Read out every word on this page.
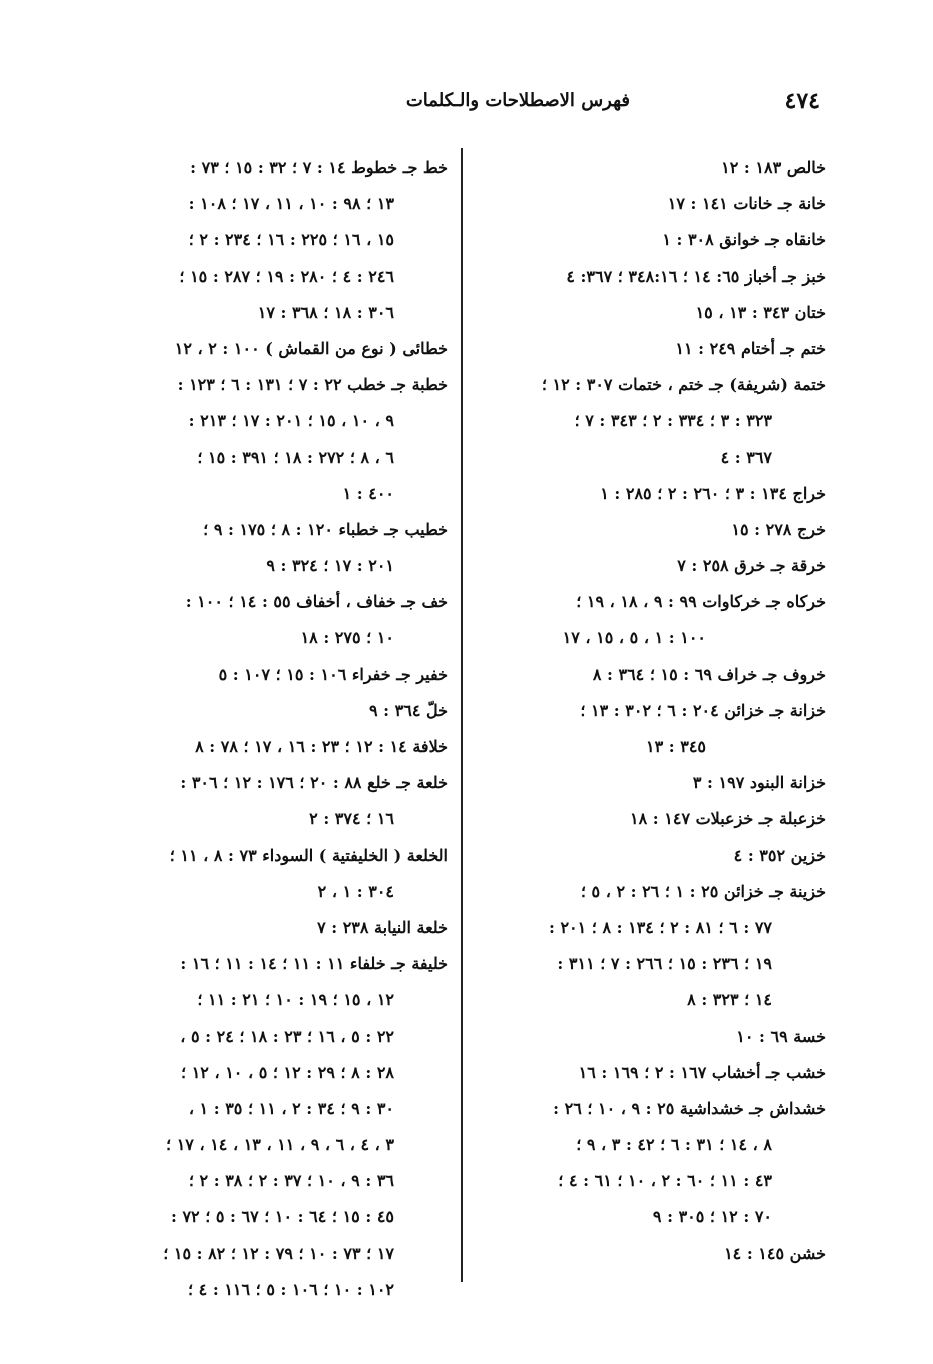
٤٧٤
فهرس الاصطلاحات والـكلمات
خالص ١٨٣ : ١٢
خانة جـ خانات ١٤١ : ١٧
خانقاه جـ خوانق ٣٠٨ : ١
خبز جـ أخباز ٦٥: ١٤ ؛ ٣٤٨:١٦ ؛ ٣٦٧: ٤
ختان ٣٤٣ : ١٣ ، ١٥
ختم جـ أختام ٢٤٩ : ١١
ختمة (شريفة) جـ ختم ، ختمات ٣٠٧ : ١٢ ؛
٣٢٣ : ٣ ؛ ٣٣٤ : ٢ ؛ ٣٤٣ : ٧ ؛
٣٦٧ : ٤
خراج ١٣٤ : ٣ ؛ ٢٦٠ : ٢ ؛ ٢٨٥ : ١
خرج ٢٧٨ : ١٥
خرقة جـ خرق ٢٥٨ : ٧
خركاه جـ خركاوات ٩٩ : ٩ ، ١٨ ، ١٩ ؛
١٠٠ : ١ ، ٥ ، ١٥ ، ١٧
خروف جـ خراف ٦٩ : ١٥ ؛ ٣٦٤ : ٨
خزانة جـ خزائن ٢٠٤ : ٦ ؛ ٣٠٢ : ١٣ ؛
٣٤٥ : ١٣
خزانة البنود ١٩٧ : ٣
خزعبلة جـ خزعبلات ١٤٧ : ١٨
خزين ٣٥٢ : ٤
خزينة جـ خزائن ٢٥ : ١ ؛ ٢٦ : ٢ ، ٥ ؛
٧٧ : ٦ ؛ ٨١ : ٢ ؛ ١٣٤ : ٨ ؛ ٢٠١ :
١٩ ؛ ٢٣٦ : ١٥ ؛ ٢٦٦ : ٧ ؛ ٣١١ :
١٤ ؛ ٣٢٣ : ٨
خسة ٦٩ : ١٠
خشب جـ أخشاب ١٦٧ : ٢ ؛ ١٦٩ : ١٦
خشداش جـ خشداشية ٢٥ : ٩ ، ١٠ ؛ ٢٦ :
٨ ، ١٤ ؛ ٣١ : ٦ ؛ ٤٢ : ٣ ، ٩ ؛
٤٣ : ١١ ؛ ٦٠ : ٢ ، ١٠ ؛ ٦١ : ٤ ؛
٧٠ : ١٢ ؛ ٣٠٥ : ٩
خشن ١٤٥ : ١٤
خط جـ خطوط ١٤ : ٧ ؛ ٣٢ : ١٥ ؛ ٧٣ :
١٣ ؛ ٩٨ : ١٠ ، ١١ ، ١٧ ؛ ١٠٨ :
١٥ ، ١٦ ؛ ٢٢٥ : ١٦ ؛ ٢٣٤ : ٢ ؛
٢٤٦ : ٤ ؛ ٢٨٠ : ١٩ ؛ ٢٨٧ : ١٥ ؛
٣٠٦ : ١٨ ؛ ٣٦٨ : ١٧
خطائى ( نوع من القماش ) ١٠٠ : ٢ ، ١٢
خطبة جـ خطب ٢٢ : ٧ ؛ ١٣١ : ٦ ؛ ١٢٣ :
٩ ، ١٠ ، ١٥ ؛ ٢٠١ : ١٧ ؛ ٢١٣ :
٦ ، ٨ ؛ ٢٧٢ : ١٨ ؛ ٣٩١ : ١٥ ؛
٤٠٠ : ١
خطيب جـ خطباء ١٢٠ : ٨ ؛ ١٧٥ : ٩ ؛
٢٠١ : ١٧ ؛ ٣٢٤ : ٩
خف جـ خفاف ، أخفاف ٥٥ : ١٤ ؛ ١٠٠ :
١٠ ؛ ٢٧٥ : ١٨
خفير جـ خفراء ١٠٦ : ١٥ ؛ ١٠٧ : ٥
خلّ ٣٦٤ : ٩
خلافة ١٤ : ١٢ ؛ ٢٣ : ١٦ ، ١٧ ؛ ٧٨ : ٨
خلعة جـ خلع ٨٨ : ٢٠ ؛ ١٧٦ : ١٢ ؛ ٣٠٦ :
١٦ ؛ ٣٧٤ : ٢
الخلعة ( الخليفتية ) السوداء ٧٣ : ٨ ، ١١ ؛
٣٠٤ : ١ ، ٢
خلعة النيابة ٢٣٨ : ٧
خليفة جـ خلفاء ١١ : ١١ ؛ ١٤ : ١١ ؛ ١٦ :
١٢ ، ١٥ ؛ ١٩ : ١٠ ؛ ٢١ : ١١ ؛
٢٢ : ٥ ، ١٦ ؛ ٢٣ : ١٨ ؛ ٢٤ : ٥ ،
٢٨ : ٨ ؛ ٢٩ : ١٢ ؛ ٥ ، ١٠ ، ١٢ ؛
٣٠ : ٩ ؛ ٣٤ : ٢ ، ١١ ؛ ٣٥ : ١ ،
٣ ، ٤ ، ٦ ، ٩ ، ١١ ، ١٣ ، ١٤ ، ١٧ ؛
٣٦ : ٩ ، ١٠ ؛ ٣٧ : ٢ ؛ ٣٨ : ٢ ؛
٤٥ : ١٥ ؛ ٦٤ : ١٠ ؛ ٦٧ : ٥ ؛ ٧٢ :
١٧ ؛ ٧٣ : ١٠ ؛ ٧٩ : ١٢ ؛ ٨٢ : ١٥ ؛
١٠٢ : ١٠ ؛ ١٠٦ : ٥ ؛ ١١٦ : ٤ ؛
